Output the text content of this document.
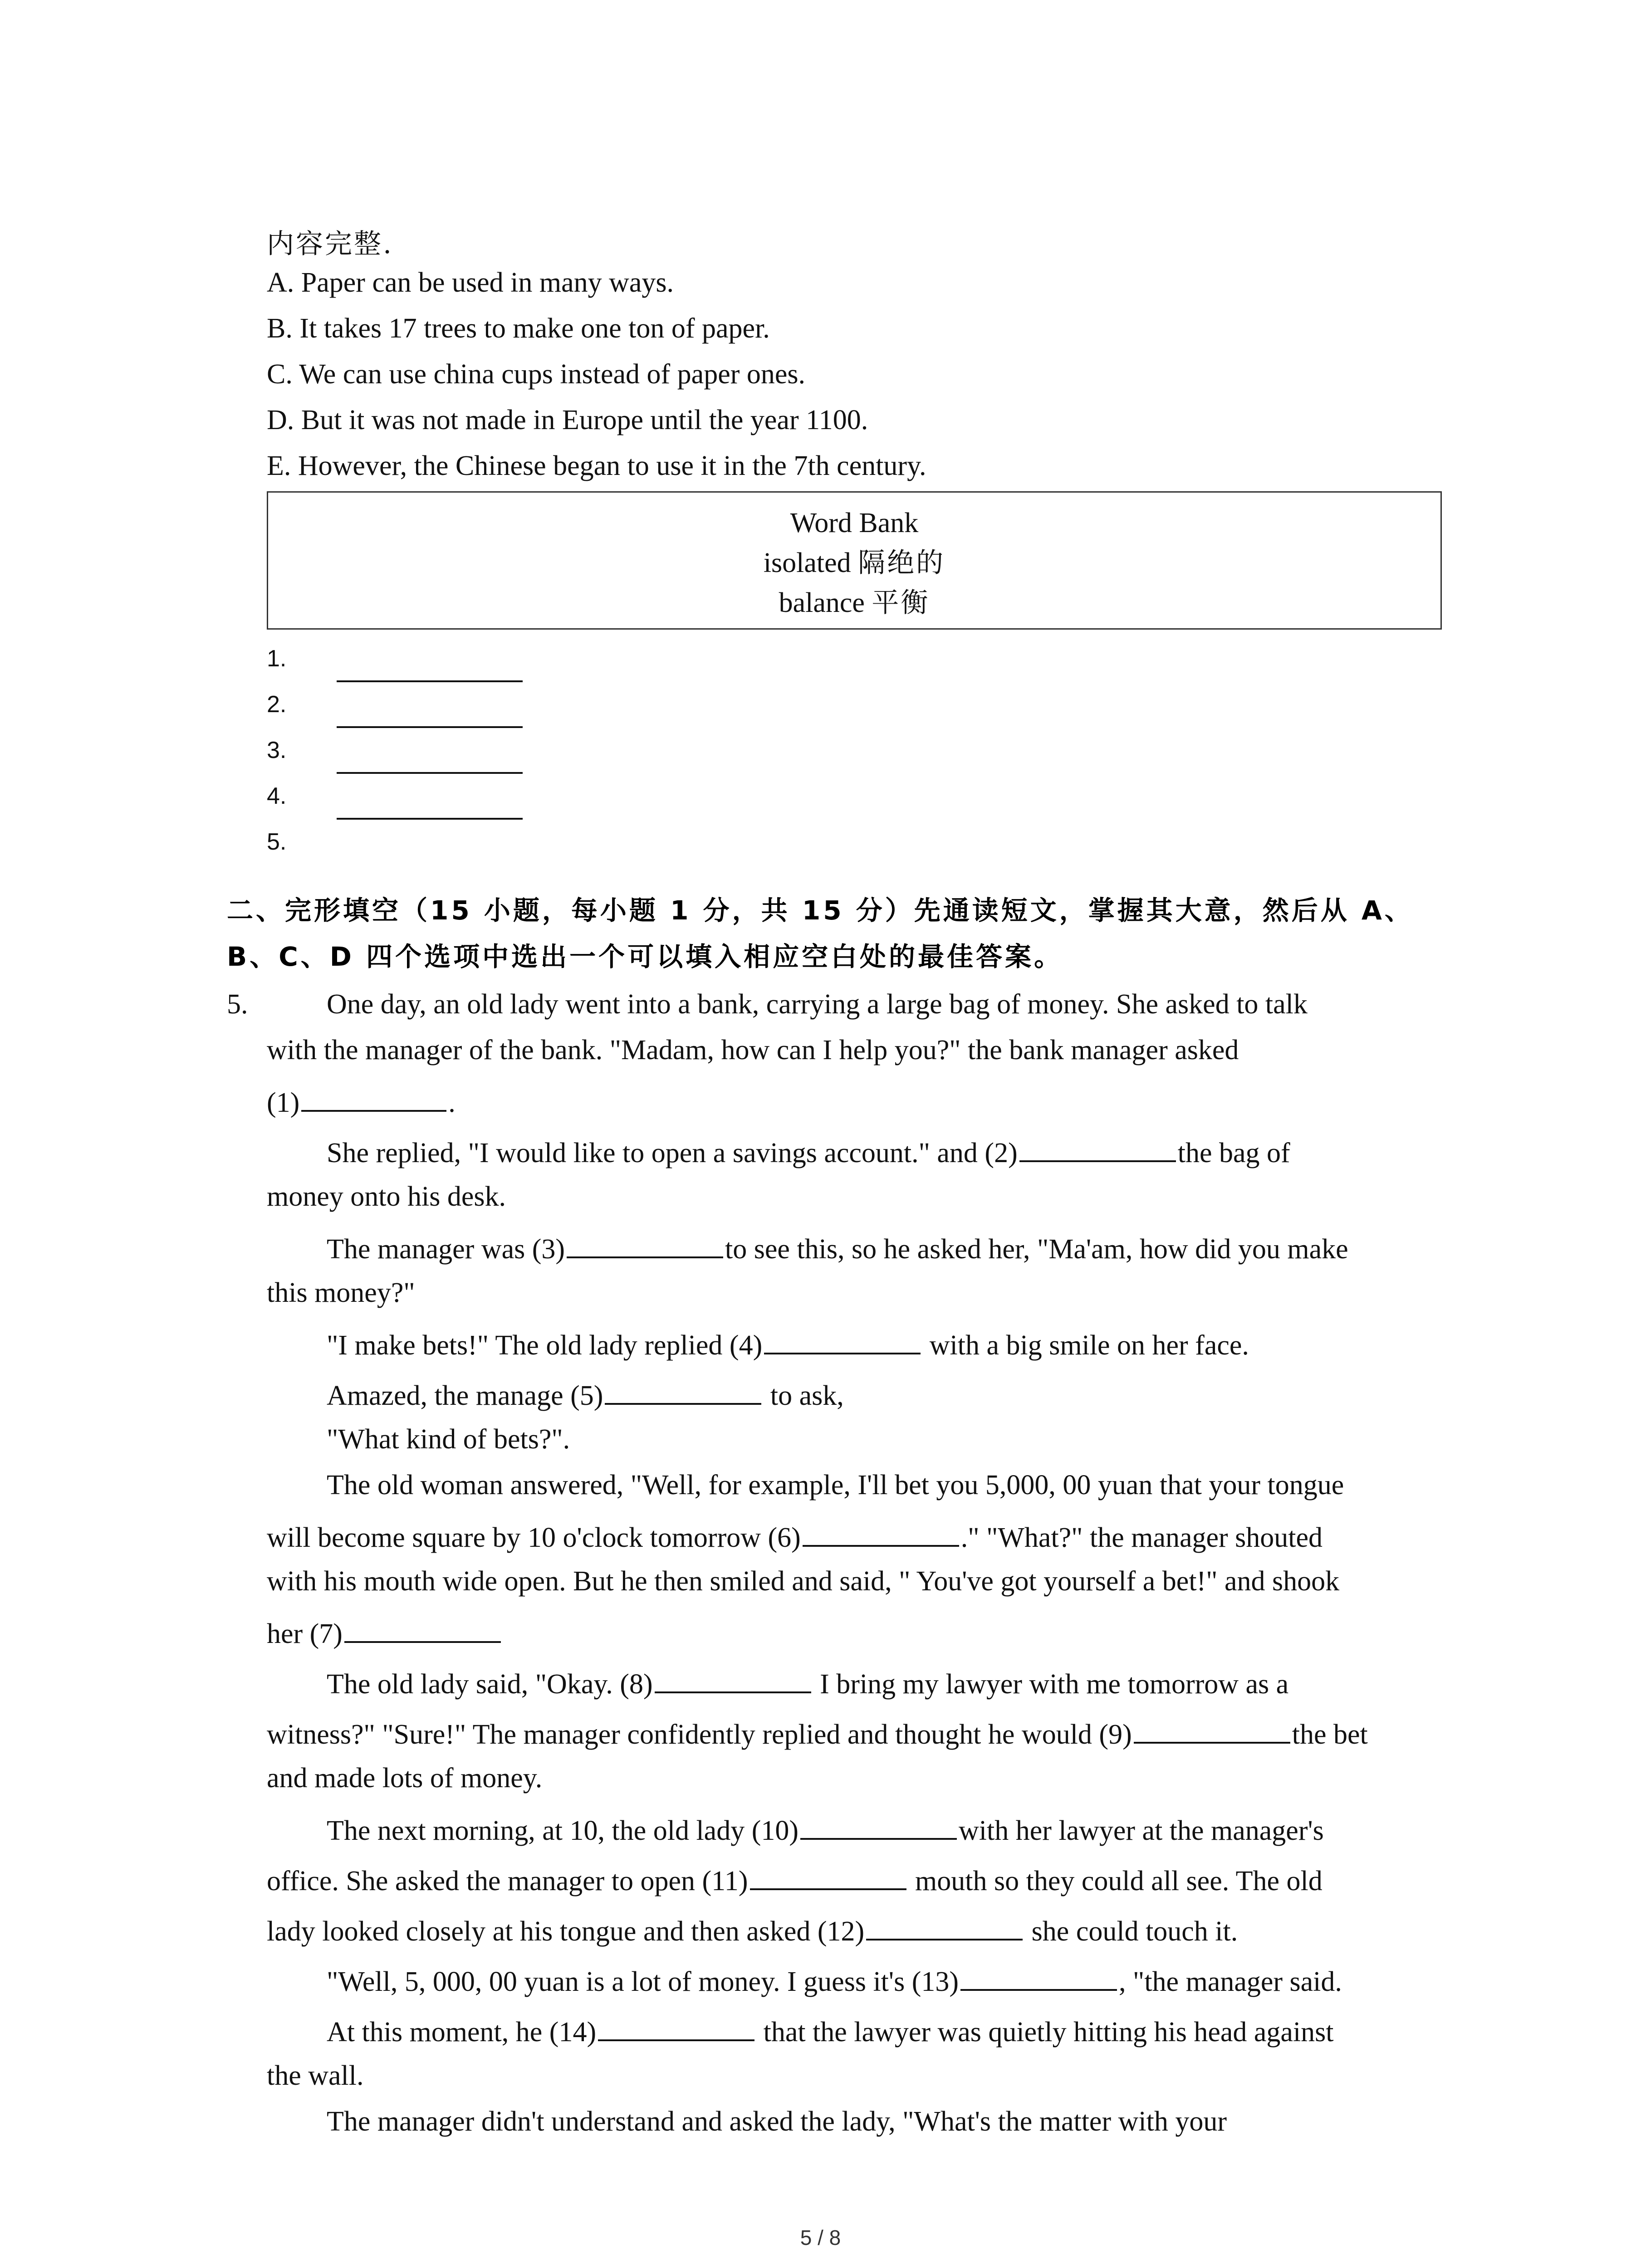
内容完整.
A. Paper can be used in many ways.
B. It takes 17 trees to make one ton of paper.
C. We can use china cups instead of paper ones.
D. But it was not made in Europe until the year 1100.
E. However, the Chinese began to use it in the 7th century.
Word Bank
isolated 隔绝的
balance 平衡
1.
2.
3.
4.
5.
二、完形填空（15 小题，每小题 1 分，共 15 分）先通读短文，掌握其大意，然后从 A、
B、C、D 四个选项中选出一个可以填入相应空白处的最佳答案。
5.	One day, an old lady went into a bank, carrying a large bag of money. She asked to talk
with the manager of the bank. "Madam, how can I help you?" the bank manager asked
(1)	.
She replied, "I would like to open a savings account." and (2)	the bag of
money onto his desk.
The manager was (3)	to see this, so he asked her, "Ma'am, how did you make
this money?"
"I make bets!" The old lady replied (4)	with a big smile on her face.
Amazed, the manage (5)	to ask,
"What kind of bets?".
The old woman answered, "Well, for example, I'll bet you 5,000, 00 yuan that your tongue
will become square by 10 o'clock tomorrow (6)	." "What?" the manager shouted
with his mouth wide open. But he then smiled and said, " You've got yourself a bet!" and shook
her (7)
The old lady said, "Okay. (8)	I bring my lawyer with me tomorrow as a
witness?" "Sure!" The manager confidently replied and thought he would (9)	the bet
and made lots of money.
The next morning, at 10, the old lady (10)	with her lawyer at the manager's
office. She asked the manager to open (11)	mouth so they could all see. The old
lady looked closely at his tongue and then asked (12)	she could touch it.
"Well, 5, 000, 00 yuan is a lot of money. I guess it's (13)	, "the manager said.
At this moment, he (14)	that the lawyer was quietly hitting his head against
the wall.
The manager didn't understand and asked the lady, "What's the matter with your
5 / 8
